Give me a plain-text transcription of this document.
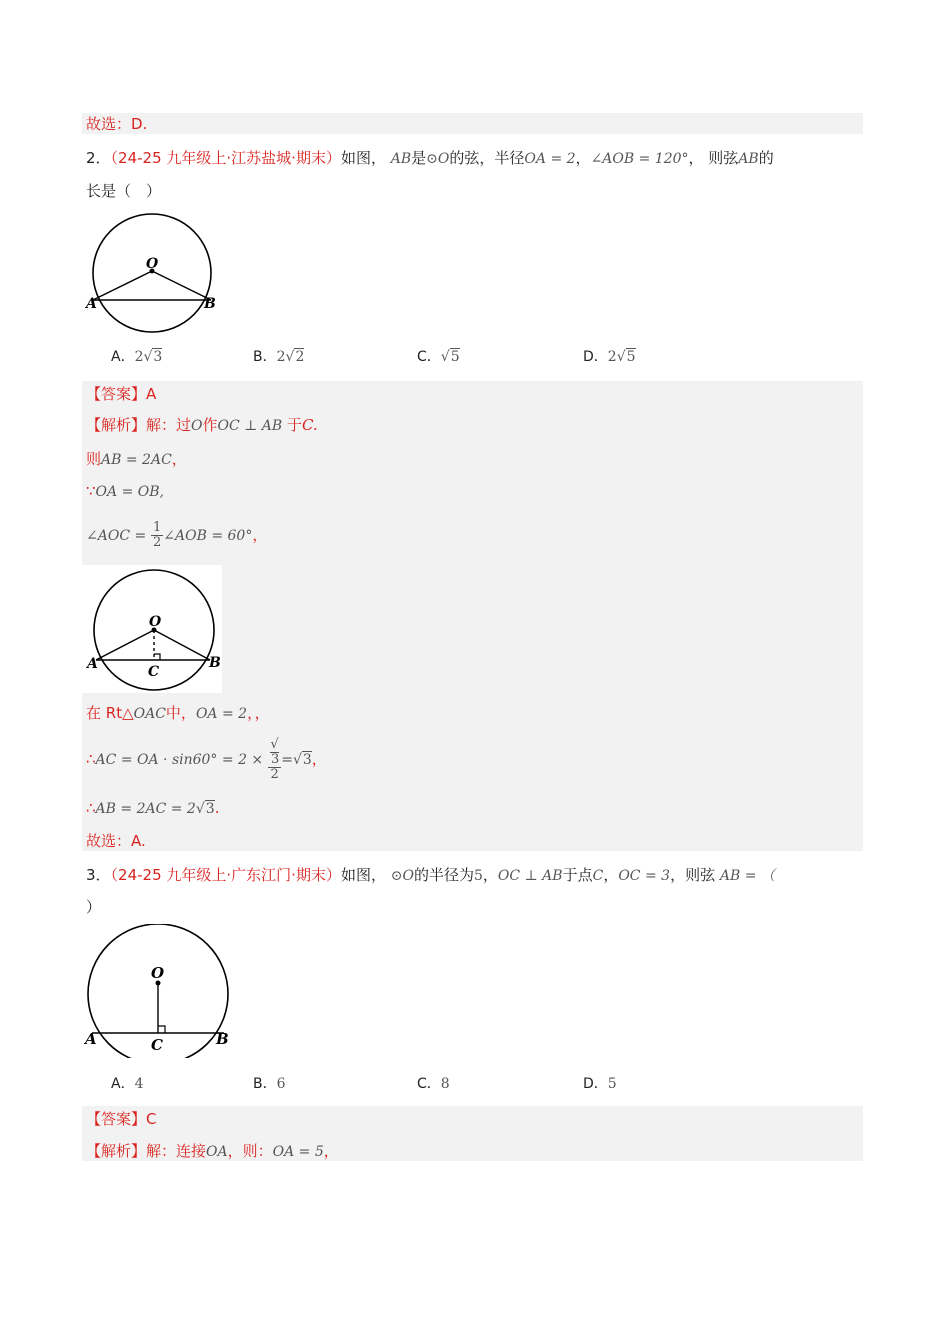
故选：D.
2．（24-25 九年级上·江苏盐城·期末）如图， AB是⊙O的弦，半径OA = 2，∠AOB = 120°， 则弦AB的
长是（　）
O
A	B
A．2√3	B．2√2	C．√5	D．2√5
【答案】A
【解析】解：过O作OC ⊥ AB 于C.
则AB = 2AC，
∵OA = OB,
∠AOC = $\frac{1}{2}$ ∠AOB = 60°，
O
A	B
C
在 Rt△OAC中，OA = 2，，
∴AC = OA · sin60° = 2 × √
3
2 =√3，
∴AB = 2AC = 2√3.
故选：A.
3．（24-25 九年级上·广东江门·期末）如图， ⊙O的半径为5，OC ⊥ AB于点C，OC = 3，则弦 AB = （
）
O
A	B
C
A．4	B．6	C．8	D．5
【答案】C
【解析】解：连接OA，则：OA = 5，
